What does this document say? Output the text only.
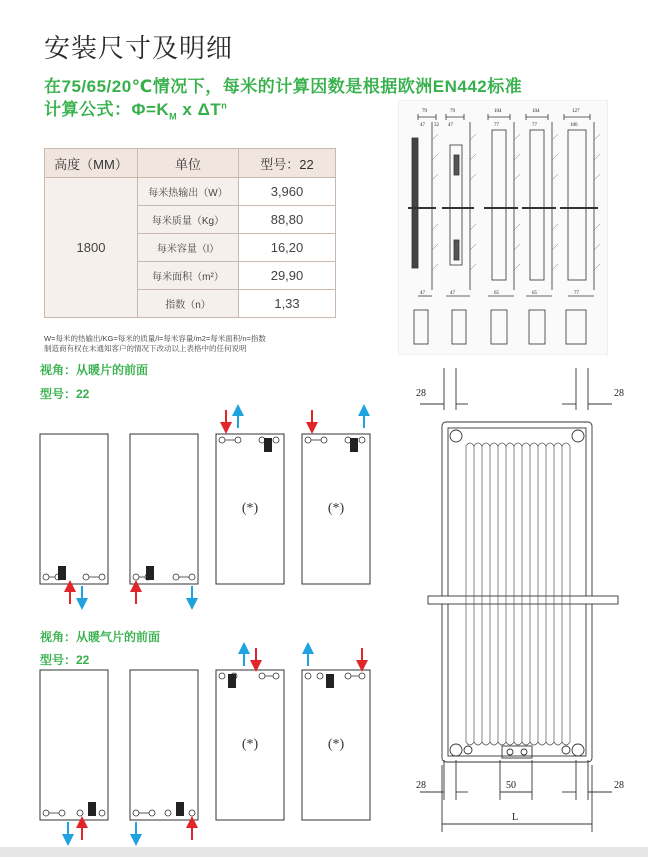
安装尺寸及明细
在75/65/20℃情况下，每米的计算因数是根据欧洲EN442标准
计算公式：$\Phi=K_M$ x $\Delta T^n$
高度（MM）	单位	型号：22
1800	每米热输出（W）	3,960
	每米质量（Kg）	88,80
	每米容量（l）	16,20
	每米面积（m²）	29,90
	指数（n）	1,33
W=每米的热输出/KG=每米的质量/l=每米容量/m2=每米面积/n=指数
制造商有权在未通知客户的情况下改动以上表格中的任何说明
79	79	104	104	127
47 32 47	77	77	100
47	47	65	65	77
视角：从暖片的前面
型号：22
(*)	(*)
视角：从暖气片的前面
型号：22
(*)	(*)
28	28
28	50	28
L
